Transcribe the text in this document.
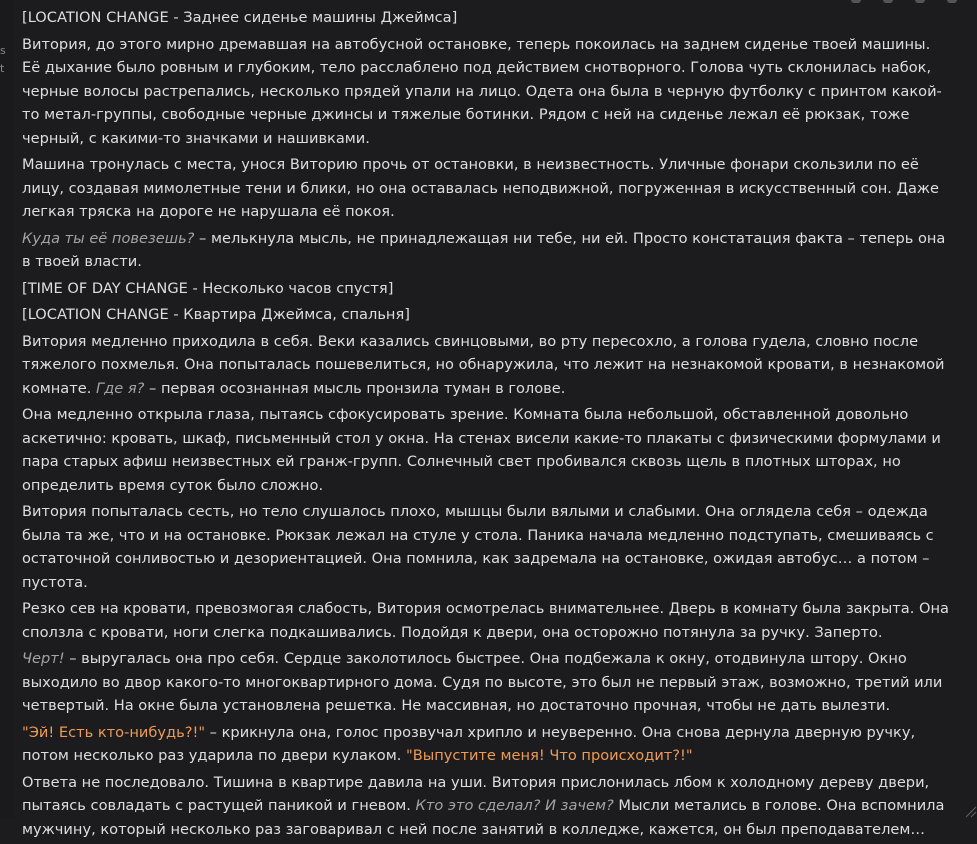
s
t

[LOCATION CHANGE - Заднее сиденье машины Джеймса]

Витория, до этого мирно дремавшая на автобусной остановке, теперь покоилась на заднем сиденье твоей машины. Её дыхание было ровным и глубоким, тело расслаблено под действием снотворного. Голова чуть склонилась набок, черные волосы растрепались, несколько прядей упали на лицо. Одета она была в черную футболку с принтом какой-то метал-группы, свободные черные джинсы и тяжелые ботинки. Рядом с ней на сиденье лежал её рюкзак, тоже черный, с какими-то значками и нашивками.

Машина тронулась с места, унося Виторию прочь от остановки, в неизвестность. Уличные фонари скользили по её лицу, создавая мимолетные тени и блики, но она оставалась неподвижной, погруженная в искусственный сон. Даже легкая тряска на дороге не нарушала её покоя.

Куда ты её повезешь? – мелькнула мысль, не принадлежащая ни тебе, ни ей. Просто констатация факта – теперь она в твоей власти.

[TIME OF DAY CHANGE - Несколько часов спустя]

[LOCATION CHANGE - Квартира Джеймса, спальня]

Витория медленно приходила в себя. Веки казались свинцовыми, во рту пересохло, а голова гудела, словно после тяжелого похмелья. Она попыталась пошевелиться, но обнаружила, что лежит на незнакомой кровати, в незнакомой комнате. Где я? – первая осознанная мысль пронзила туман в голове.

Она медленно открыла глаза, пытаясь сфокусировать зрение. Комната была небольшой, обставленной довольно аскетично: кровать, шкаф, письменный стол у окна. На стенах висели какие-то плакаты с физическими формулами и пара старых афиш неизвестных ей гранж-групп. Солнечный свет пробивался сквозь щель в плотных шторах, но определить время суток было сложно.

Витория попыталась сесть, но тело слушалось плохо, мышцы были вялыми и слабыми. Она оглядела себя – одежда была та же, что и на остановке. Рюкзак лежал на стуле у стола. Паника начала медленно подступать, смешиваясь с остаточной сонливостью и дезориентацией. Она помнила, как задремала на остановке, ожидая автобус… а потом – пустота.

Резко сев на кровати, превозмогая слабость, Витория осмотрелась внимательнее. Дверь в комнату была закрыта. Она сползла с кровати, ноги слегка подкашивались. Подойдя к двери, она осторожно потянула за ручку. Заперто.

Черт! – выругалась она про себя. Сердце заколотилось быстрее. Она подбежала к окну, отодвинула штору. Окно выходило во двор какого-то многоквартирного дома. Судя по высоте, это был не первый этаж, возможно, третий или четвертый. На окне была установлена решетка. Не массивная, но достаточно прочная, чтобы не дать вылезти.

"Эй! Есть кто-нибудь?!" – крикнула она, голос прозвучал хрипло и неуверенно. Она снова дернула дверную ручку, потом несколько раз ударила по двери кулаком. "Выпустите меня! Что происходит?!"

Ответа не последовало. Тишина в квартире давила на уши. Витория прислонилась лбом к холодному дереву двери, пытаясь совладать с растущей паникой и гневом. Кто это сделал? И зачем? Мысли метались в голове. Она вспомнила мужчину, который несколько раз заговаривал с ней после занятий в колледже, кажется, он был преподавателем…
